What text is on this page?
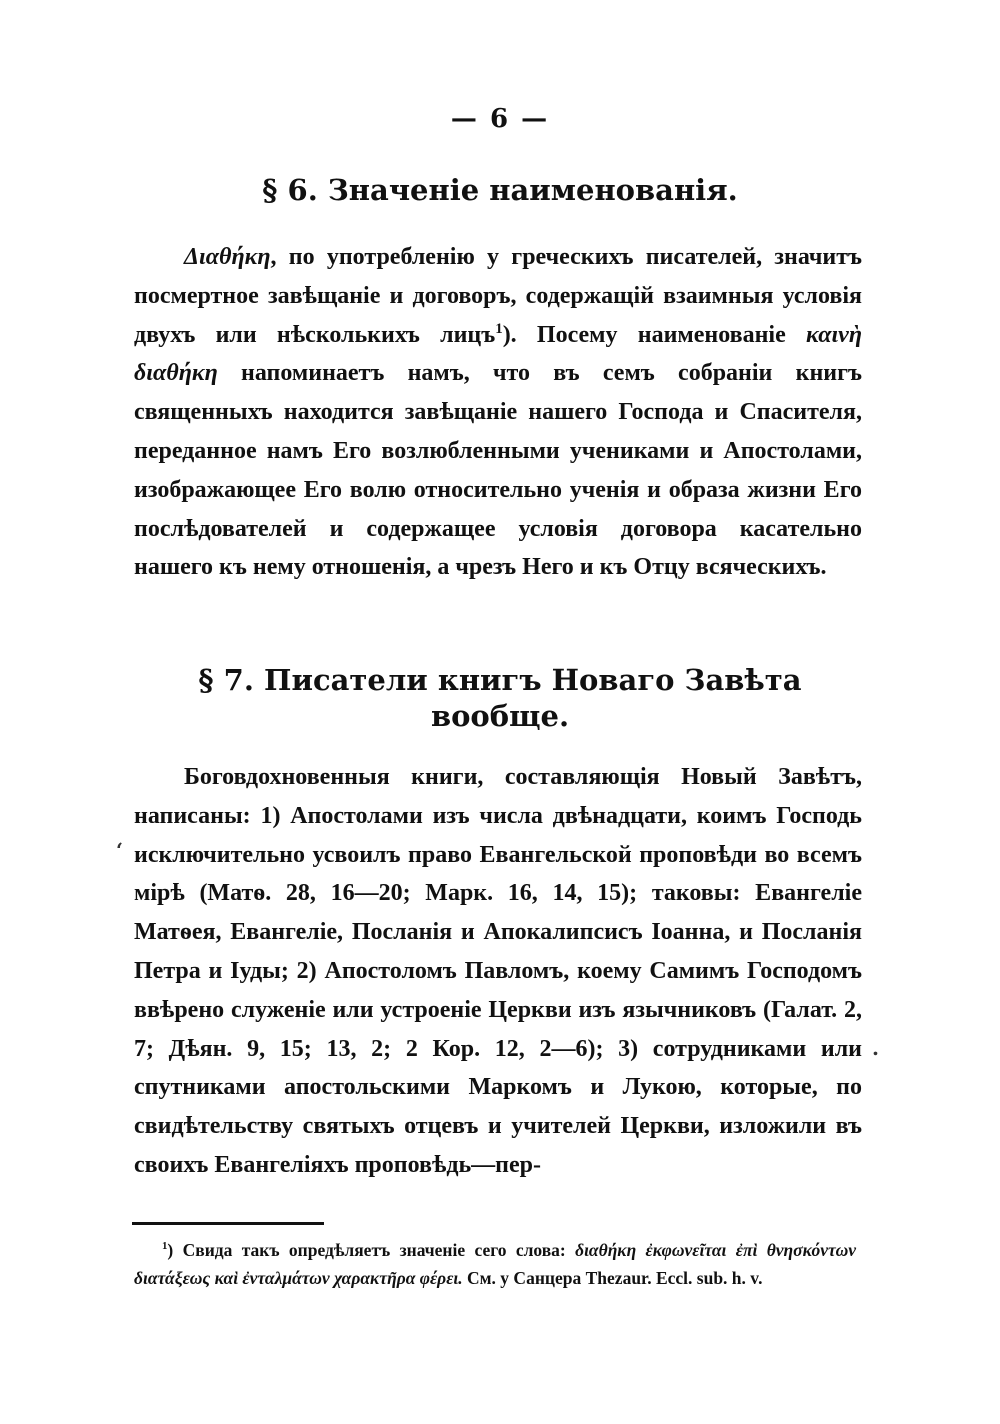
— 6 —
§ 6. Значеніе наименованія.

Διαθήκη, по употребленію у греческихъ писателей, значитъ посмертное завѣщаніе и договоръ, содержащій взаимныя условія двухъ или нѣсколькихъ лицъ$^1$). Посему наименованіе καινὴ διαθήκη напоминаетъ намъ, что въ семъ собраніи книгъ священныхъ находится завѣщаніе нашего Господа и Спасителя, переданное намъ Его возлюбленными учениками и Апостолами, изображающее Его волю относительно ученія и образа жизни Его послѣдователей и содержащее условія договора касательно нашего къ нему отношенія, а чрезъ Него и къ Отцу всяческихъ.

§ 7. Писатели книгъ Новаго Завѣта вообще.

Боговдохновенныя книги, составляющія Новый Завѣтъ, написаны: 1) Апостолами изъ числа двѣнадцати, коимъ Господь исключительно усвоилъ право Евангельской проповѣди во всемъ мірѣ (Матѳ. 28, 16—20; Марк. 16, 14, 15); таковы: Евангеліе Матѳея, Евангеліе, Посланія и Апокалипсисъ Іоанна, и Посланія Петра и Іуды; 2) Апостоломъ Павломъ, коему Самимъ Господомъ ввѣрено служеніе или устроеніе Церкви изъ язычниковъ (Галат. 2, 7; Дѣян. 9, 15; 13, 2; 2 Кор. 12, 2—6); 3) сотрудниками или спутниками апостольскими Маркомъ и Лукою, которые, по свидѣтельству святыхъ отцевъ и учителей Церкви, изложили въ своихъ Евангеліяхъ проповѣдь—пер-

ʻ
.

$^1$) Свида такъ опредѣляетъ значеніе сего слова: διαθήκη ἐκφωνεῖται ἐπὶ θνησκόντων διατάξεως καὶ ἐνταλμάτων χαρακτῆρα φέρει. См. у Санцера Thezaur. Eccl. sub. h. v.
